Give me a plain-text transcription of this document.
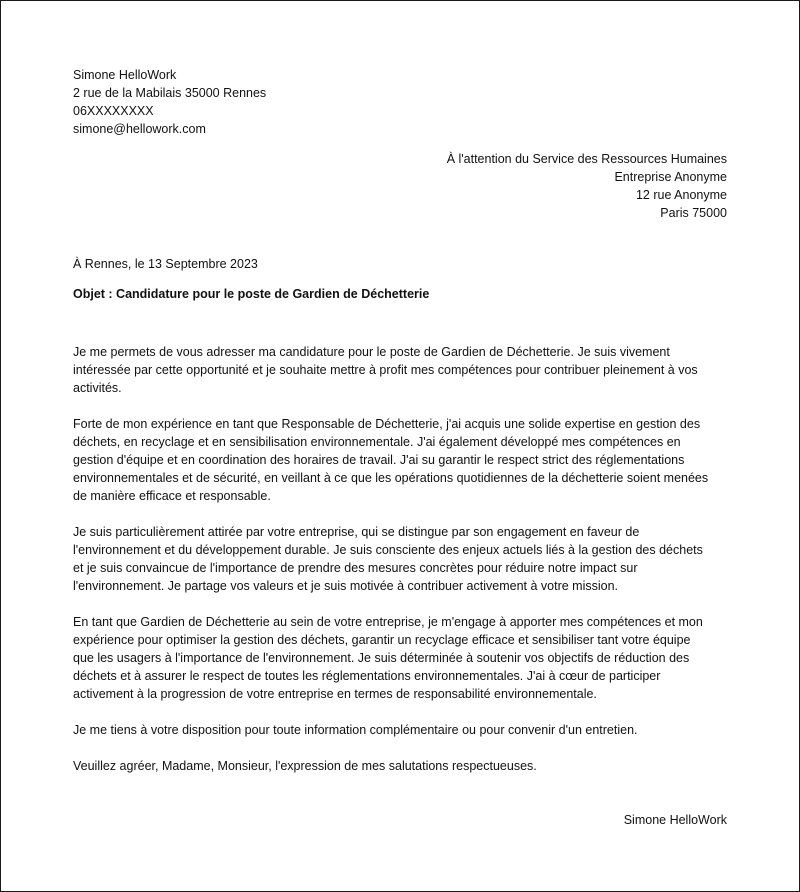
Simone HelloWork
2 rue de la Mabilais 35000 Rennes
06XXXXXXXX
simone@hellowork.com
À l'attention du Service des Ressources Humaines
Entreprise Anonyme
12 rue Anonyme
Paris 75000
À Rennes, le 13 Septembre 2023
Objet : Candidature pour le poste de Gardien de Déchetterie

Je me permets de vous adresser ma candidature pour le poste de Gardien de Déchetterie. Je suis vivement
intéressée par cette opportunité et je souhaite mettre à profit mes compétences pour contribuer pleinement à vos
activités.

Forte de mon expérience en tant que Responsable de Déchetterie, j'ai acquis une solide expertise en gestion des
déchets, en recyclage et en sensibilisation environnementale. J'ai également développé mes compétences en
gestion d'équipe et en coordination des horaires de travail. J'ai su garantir le respect strict des réglementations
environnementales et de sécurité, en veillant à ce que les opérations quotidiennes de la déchetterie soient menées
de manière efficace et responsable.

Je suis particulièrement attirée par votre entreprise, qui se distingue par son engagement en faveur de
l'environnement et du développement durable. Je suis consciente des enjeux actuels liés à la gestion des déchets
et je suis convaincue de l'importance de prendre des mesures concrètes pour réduire notre impact sur
l'environnement. Je partage vos valeurs et je suis motivée à contribuer activement à votre mission.

En tant que Gardien de Déchetterie au sein de votre entreprise, je m'engage à apporter mes compétences et mon
expérience pour optimiser la gestion des déchets, garantir un recyclage efficace et sensibiliser tant votre équipe
que les usagers à l'importance de l'environnement. Je suis déterminée à soutenir vos objectifs de réduction des
déchets et à assurer le respect de toutes les réglementations environnementales. J'ai à cœur de participer
activement à la progression de votre entreprise en termes de responsabilité environnementale.

Je me tiens à votre disposition pour toute information complémentaire ou pour convenir d'un entretien.

Veuillez agréer, Madame, Monsieur, l'expression de mes salutations respectueuses.

Simone HelloWork
